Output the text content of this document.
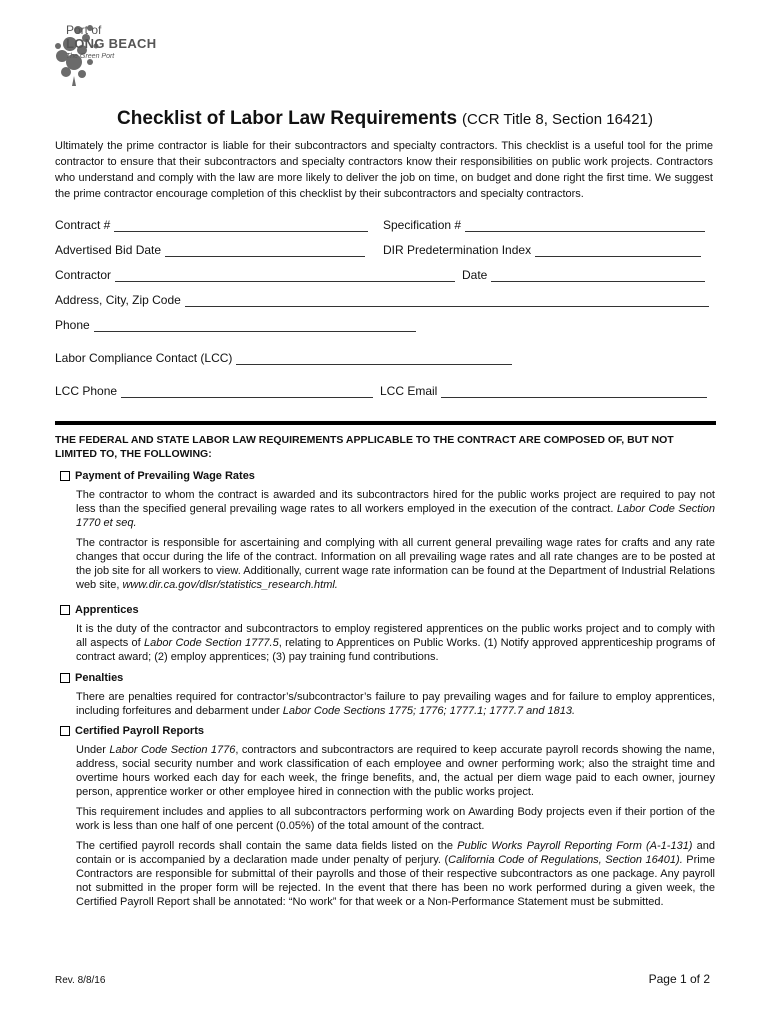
Port of
LONG BEACH
The Green Port
Checklist of Labor Law Requirements (CCR Title 8, Section 16421)
Ultimately the prime contractor is liable for their subcontractors and specialty contractors. This checklist is a useful tool for the prime contractor to ensure that their subcontractors and specialty contractors know their responsibilities on public work projects. Contractors who understand and comply with the law are more likely to deliver the job on time, on budget and done right the first time. We suggest the prime contractor encourage completion of this checklist by their subcontractors and specialty contractors.
Contract #	Specification #
Advertised Bid Date	DIR Predetermination Index
Contractor	Date
Address, City, Zip Code
Phone
Labor Compliance Contact (LCC)
LCC Phone	LCC Email
THE FEDERAL AND STATE LABOR LAW REQUIREMENTS APPLICABLE TO THE CONTRACT ARE COMPOSED OF, BUT NOT LIMITED TO, THE FOLLOWING:
Payment of Prevailing Wage Rates

The contractor to whom the contract is awarded and its subcontractors hired for the public works project are required to pay not less than the specified general prevailing wage rates to all workers employed in the execution of the contract. Labor Code Section 1770 et seq.

The contractor is responsible for ascertaining and complying with all current general prevailing wage rates for crafts and any rate changes that occur during the life of the contract. Information on all prevailing wage rates and all rate changes are to be posted at the job site for all workers to view. Additionally, current wage rate information can be found at the Department of Industrial Relations web site, www.dir.ca.gov/dlsr/statistics_research.html.

Apprentices

It is the duty of the contractor and subcontractors to employ registered apprentices on the public works project and to comply with all aspects of Labor Code Section 1777.5, relating to Apprentices on Public Works. (1) Notify approved apprenticeship programs of contract award; (2) employ apprentices; (3) pay training fund contributions.

Penalties

There are penalties required for contractor’s/subcontractor’s failure to pay prevailing wages and for failure to employ apprentices, including forfeitures and debarment under Labor Code Sections 1775; 1776; 1777.1; 1777.7 and 1813.

Certified Payroll Reports

Under Labor Code Section 1776, contractors and subcontractors are required to keep accurate payroll records showing the name, address, social security number and work classification of each employee and owner performing work; also the straight time and overtime hours worked each day for each week, the fringe benefits, and, the actual per diem wage paid to each owner, journey person, apprentice worker or other employee hired in connection with the public works project.

This requirement includes and applies to all subcontractors performing work on Awarding Body projects even if their portion of the work is less than one half of one percent (0.05%) of the total amount of the contract.

The certified payroll records shall contain the same data fields listed on the Public Works Payroll Reporting Form (A-1-131) and contain or is accompanied by a declaration made under penalty of perjury. (California Code of Regulations, Section 16401). Prime Contractors are responsible for submittal of their payrolls and those of their respective subcontractors as one package. Any payroll not submitted in the proper form will be rejected. In the event that there has been no work performed during a given week, the Certified Payroll Report shall be annotated: “No work” for that week or a Non-Performance Statement must be submitted.

Rev. 8/8/16	Page 1 of 2
